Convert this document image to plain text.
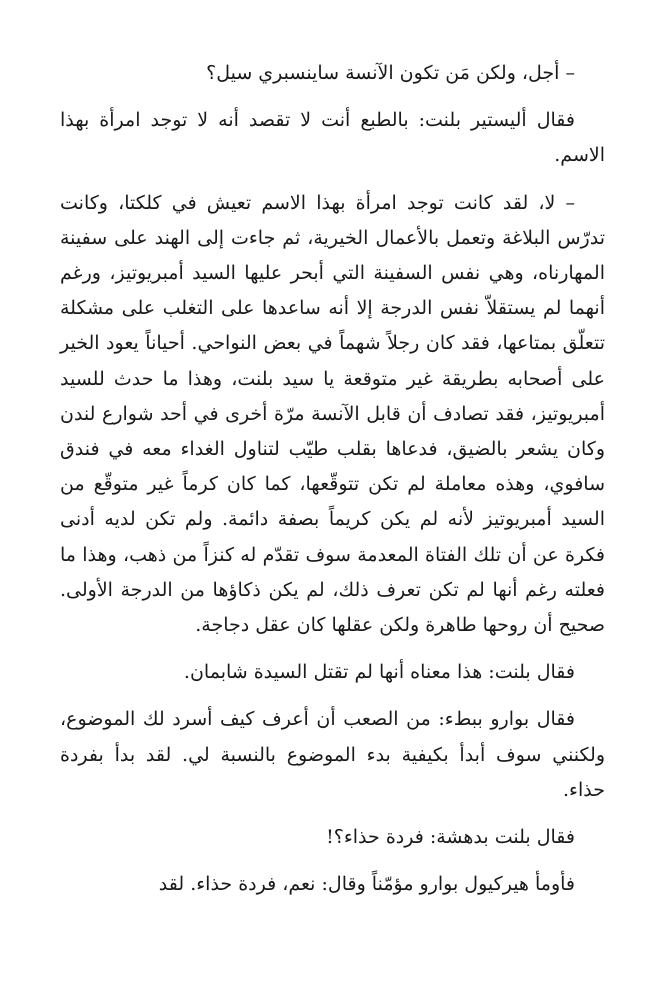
– أجل، ولكن مَن تكون الآنسة ساينسبري سيل؟

فقال أليستير بلنت: بالطبع أنت لا تقصد أنه لا توجد امرأة بهذا الاسم.

– لا، لقد كانت توجد امرأة بهذا الاسم تعيش في كلكتا، وكانت تدرّس البلاغة وتعمل بالأعمال الخيرية، ثم جاءت إلى الهند على سفينة المهارناه، وهي نفس السفينة التي أبحر عليها السيد أمبريوتيز، ورغم أنهما لم يستقلاّ نفس الدرجة إلا أنه ساعدها على التغلب على مشكلة تتعلّق بمتاعها، فقد كان رجلاً شهماً في بعض النواحي. أحياناً يعود الخير على أصحابه بطريقة غير متوقعة يا سيد بلنت، وهذا ما حدث للسيد أمبريوتيز، فقد تصادف أن قابل الآنسة مرّة أخرى في أحد شوارع لندن وكان يشعر بالضيق، فدعاها بقلب طيّب لتناول الغداء معه في فندق سافوي، وهذه معاملة لم تكن تتوقّعها، كما كان كرماً غير متوقّع من السيد أمبريوتيز لأنه لم يكن كريماً بصفة دائمة. ولم تكن لديه أدنى فكرة عن أن تلك الفتاة المعدمة سوف تقدّم له كنزاً من ذهب، وهذا ما فعلته رغم أنها لم تكن تعرف ذلك، لم يكن ذكاؤها من الدرجة الأولى. صحيح أن روحها طاهرة ولكن عقلها كان عقل دجاجة.

فقال بلنت: هذا معناه أنها لم تقتل السيدة شابمان.

فقال بوارو ببطء: من الصعب أن أعرف كيف أسرد لك الموضوع، ولكنني سوف أبدأ بكيفية بدء الموضوع بالنسبة لي. لقد بدأ بفردة حذاء.

فقال بلنت بدهشة: فردة حذاء؟!

فأومأ هيركيول بوارو مؤمّناً وقال: نعم، فردة حذاء. لقد
